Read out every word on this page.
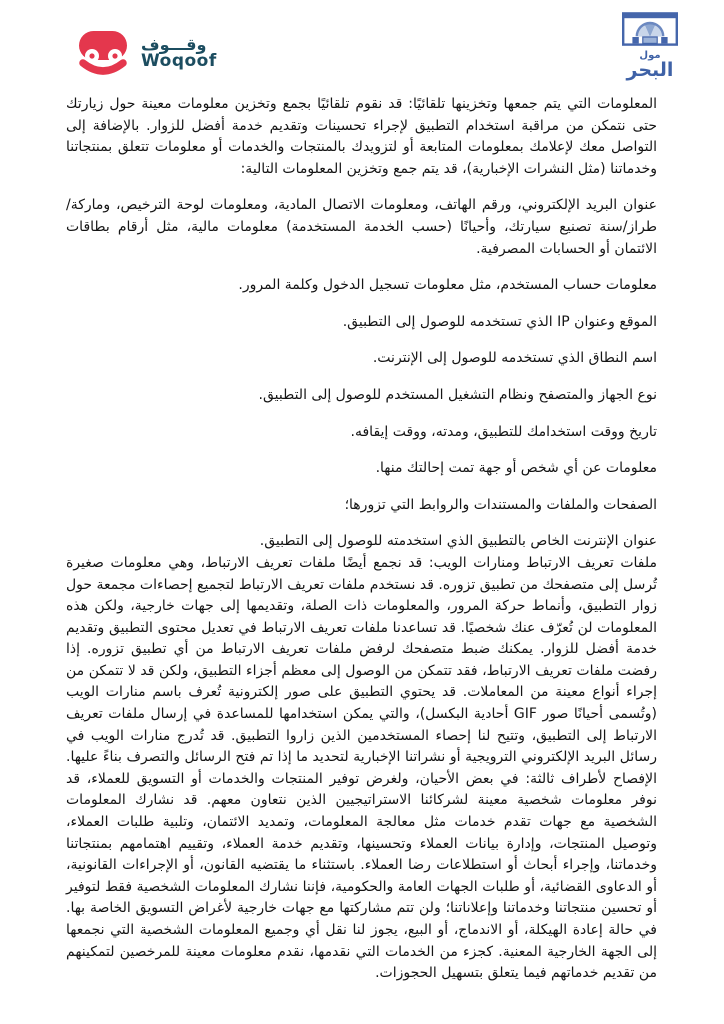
وقـــوف
Woqoof	مول
البحر

المعلومات التي يتم جمعها وتخزينها تلقائيًا: قد نقوم تلقائيًا بجمع وتخزين معلومات معينة حول زيارتك حتى نتمكن من مراقبة استخدام التطبيق لإجراء تحسينات وتقديم خدمة أفضل للزوار. بالإضافة إلى التواصل معك لإعلامك بمعلومات المتابعة أو لتزويدك بالمنتجات والخدمات أو معلومات تتعلق بمنتجاتنا وخدماتنا (مثل النشرات الإخبارية)، قد يتم جمع وتخزين المعلومات التالية:

عنوان البريد الإلكتروني، ورقم الهاتف، ومعلومات الاتصال المادية، ومعلومات لوحة الترخيص، وماركة/طراز/سنة تصنيع سيارتك، وأحيانًا (حسب الخدمة المستخدمة) معلومات مالية، مثل أرقام بطاقات الائتمان أو الحسابات المصرفية.

معلومات حساب المستخدم، مثل معلومات تسجيل الدخول وكلمة المرور.

الموقع وعنوان IP الذي تستخدمه للوصول إلى التطبيق.

اسم النطاق الذي تستخدمه للوصول إلى الإنترنت.

نوع الجهاز والمتصفح ونظام التشغيل المستخدم للوصول إلى التطبيق.

تاريخ ووقت استخدامك للتطبيق، ومدته، ووقت إيقافه.

معلومات عن أي شخص أو جهة تمت إحالتك منها.

الصفحات والملفات والمستندات والروابط التي تزورها؛

عنوان الإنترنت الخاص بالتطبيق الذي استخدمته للوصول إلى التطبيق.

ملفات تعريف الارتباط ومنارات الويب: قد نجمع أيضًا ملفات تعريف الارتباط، وهي معلومات صغيرة تُرسل إلى متصفحك من تطبيق تزوره. قد نستخدم ملفات تعريف الارتباط لتجميع إحصاءات مجمعة حول زوار التطبيق، وأنماط حركة المرور، والمعلومات ذات الصلة، وتقديمها إلى جهات خارجية، ولكن هذه المعلومات لن تُعرّف عنك شخصيًا. قد تساعدنا ملفات تعريف الارتباط في تعديل محتوى التطبيق وتقديم خدمة أفضل للزوار. يمكنك ضبط متصفحك لرفض ملفات تعريف الارتباط من أي تطبيق تزوره. إذا رفضت ملفات تعريف الارتباط، فقد تتمكن من الوصول إلى معظم أجزاء التطبيق، ولكن قد لا تتمكن من إجراء أنواع معينة من المعاملات. قد يحتوي التطبيق على صور إلكترونية تُعرف باسم منارات الويب (وتُسمى أحيانًا صور GIF أحادية البكسل)، والتي يمكن استخدامها للمساعدة في إرسال ملفات تعريف الارتباط إلى التطبيق، وتتيح لنا إحصاء المستخدمين الذين زاروا التطبيق. قد تُدرج منارات الويب في رسائل البريد الإلكتروني الترويجية أو نشراتنا الإخبارية لتحديد ما إذا تم فتح الرسائل والتصرف بناءً عليها. الإفصاح لأطراف ثالثة: في بعض الأحيان، ولغرض توفير المنتجات والخدمات أو التسويق للعملاء، قد نوفر معلومات شخصية معينة لشركائنا الاستراتيجيين الذين نتعاون معهم. قد نشارك المعلومات الشخصية مع جهات تقدم خدمات مثل معالجة المعلومات، وتمديد الائتمان، وتلبية طلبات العملاء، وتوصيل المنتجات، وإدارة بيانات العملاء وتحسينها، وتقديم خدمة العملاء، وتقييم اهتمامهم بمنتجاتنا وخدماتنا، وإجراء أبحاث أو استطلاعات رضا العملاء. باستثناء ما يقتضيه القانون، أو الإجراءات القانونية، أو الدعاوى القضائية، أو طلبات الجهات العامة والحكومية، فإننا نشارك المعلومات الشخصية فقط لتوفير أو تحسين منتجاتنا وخدماتنا وإعلاناتنا؛ ولن تتم مشاركتها مع جهات خارجية لأغراض التسويق الخاصة بها. في حالة إعادة الهيكلة، أو الاندماج، أو البيع، يجوز لنا نقل أي وجميع المعلومات الشخصية التي نجمعها إلى الجهة الخارجية المعنية. كجزء من الخدمات التي نقدمها، نقدم معلومات معينة للمرخصين لتمكينهم من تقديم خدماتهم فيما يتعلق بتسهيل الحجوزات.
